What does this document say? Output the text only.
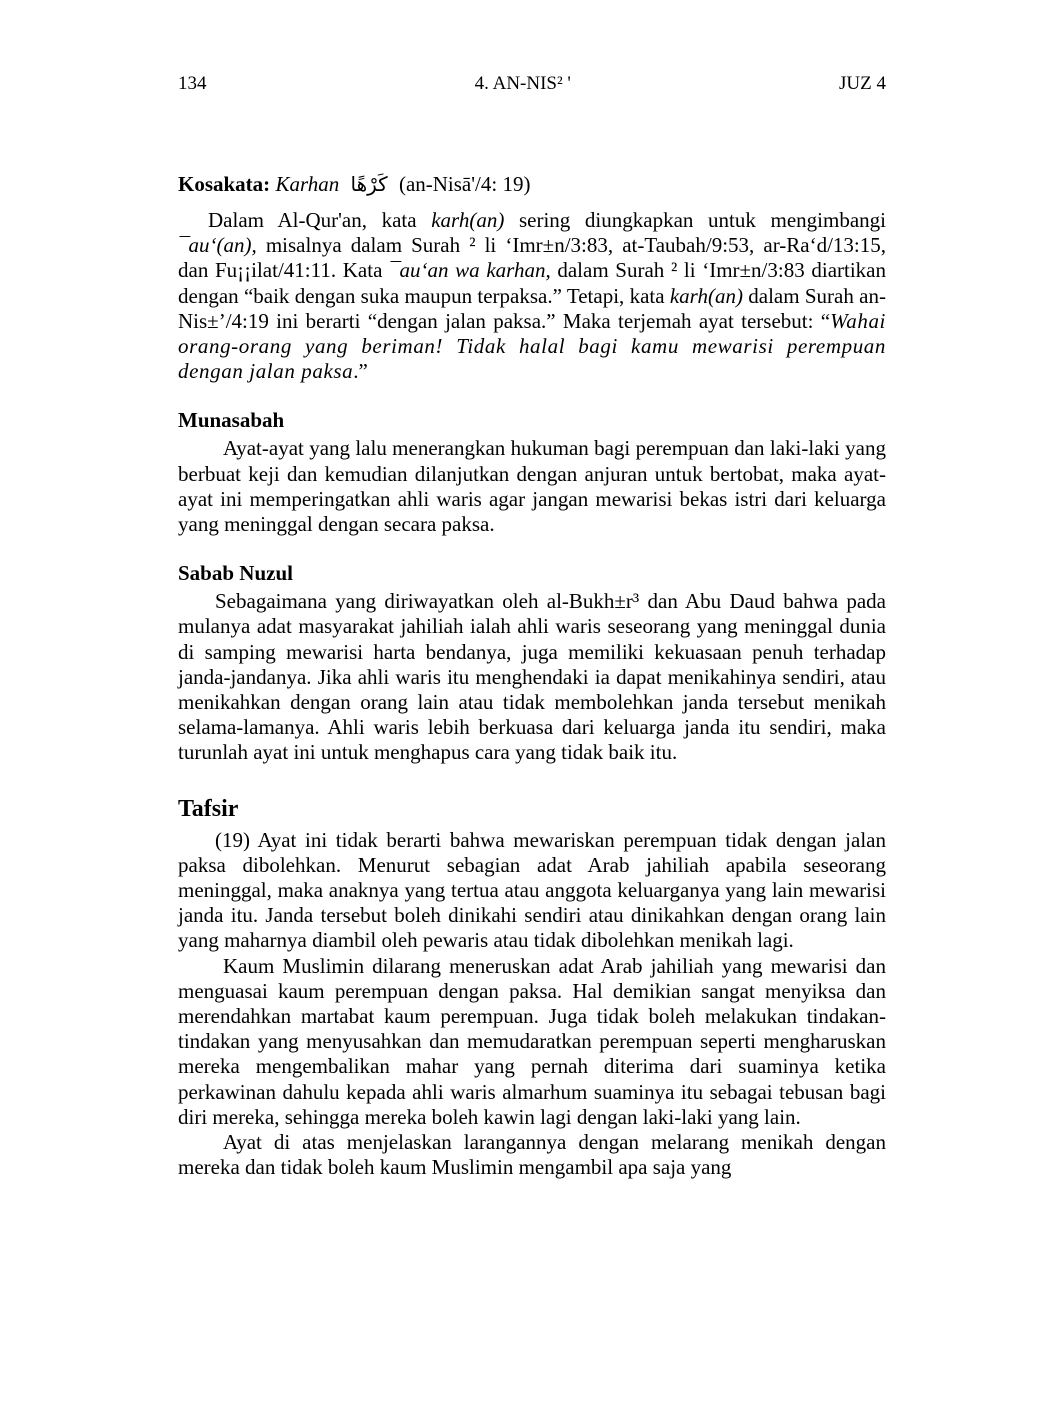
134	4. AN-NIS² '	JUZ 4
Kosakata: Karhan كَرْهًا (an-Nisā'/4: 19)

Dalam Al-Qur'an, kata karh(an) sering diungkapkan untuk mengimbangi ¯au‘(an), misalnya dalam Surah ² li ‘Imr±n/3:83, at-Taubah/9:53, ar-Ra‘d/13:15, dan Fu¡¡ilat/41:11. Kata ¯au‘an wa karhan, dalam Surah ² li ‘Imr±n/3:83 diartikan dengan “baik dengan suka maupun terpaksa.” Tetapi, kata karh(an) dalam Surah an-Nis±’/4:19 ini berarti “dengan jalan paksa.” Maka terjemah ayat tersebut: “Wahai orang-orang yang beriman! Tidak halal bagi kamu mewarisi perempuan dengan jalan paksa.”

Munasabah

Ayat-ayat yang lalu menerangkan hukuman bagi perempuan dan laki-laki yang berbuat keji dan kemudian dilanjutkan dengan anjuran untuk bertobat, maka ayat-ayat ini memperingatkan ahli waris agar jangan mewarisi bekas istri dari keluarga yang meninggal dengan secara paksa.

Sabab Nuzul

Sebagaimana yang diriwayatkan oleh al-Bukh±r³ dan Abu Daud bahwa pada mulanya adat masyarakat jahiliah ialah ahli waris seseorang yang meninggal dunia di samping mewarisi harta bendanya, juga memiliki kekuasaan penuh terhadap janda-jandanya. Jika ahli waris itu menghendaki ia dapat menikahinya sendiri, atau menikahkan dengan orang lain atau tidak membolehkan janda tersebut menikah selama-lamanya. Ahli waris lebih berkuasa dari keluarga janda itu sendiri, maka turunlah ayat ini untuk menghapus cara yang tidak baik itu.

Tafsir

(19) Ayat ini tidak berarti bahwa mewariskan perempuan tidak dengan jalan paksa dibolehkan. Menurut sebagian adat Arab jahiliah apabila seseorang meninggal, maka anaknya yang tertua atau anggota keluarganya yang lain mewarisi janda itu. Janda tersebut boleh dinikahi sendiri atau dinikahkan dengan orang lain yang maharnya diambil oleh pewaris atau tidak dibolehkan menikah lagi.

Kaum Muslimin dilarang meneruskan adat Arab jahiliah yang mewarisi dan menguasai kaum perempuan dengan paksa. Hal demikian sangat menyiksa dan merendahkan martabat kaum perempuan. Juga tidak boleh melakukan tindakan-tindakan yang menyusahkan dan memudaratkan perempuan seperti mengharuskan mereka mengembalikan mahar yang pernah diterima dari suaminya ketika perkawinan dahulu kepada ahli waris almarhum suaminya itu sebagai tebusan bagi diri mereka, sehingga mereka boleh kawin lagi dengan laki-laki yang lain.

Ayat di atas menjelaskan larangannya dengan melarang menikah dengan mereka dan tidak boleh kaum Muslimin mengambil apa saja yang
